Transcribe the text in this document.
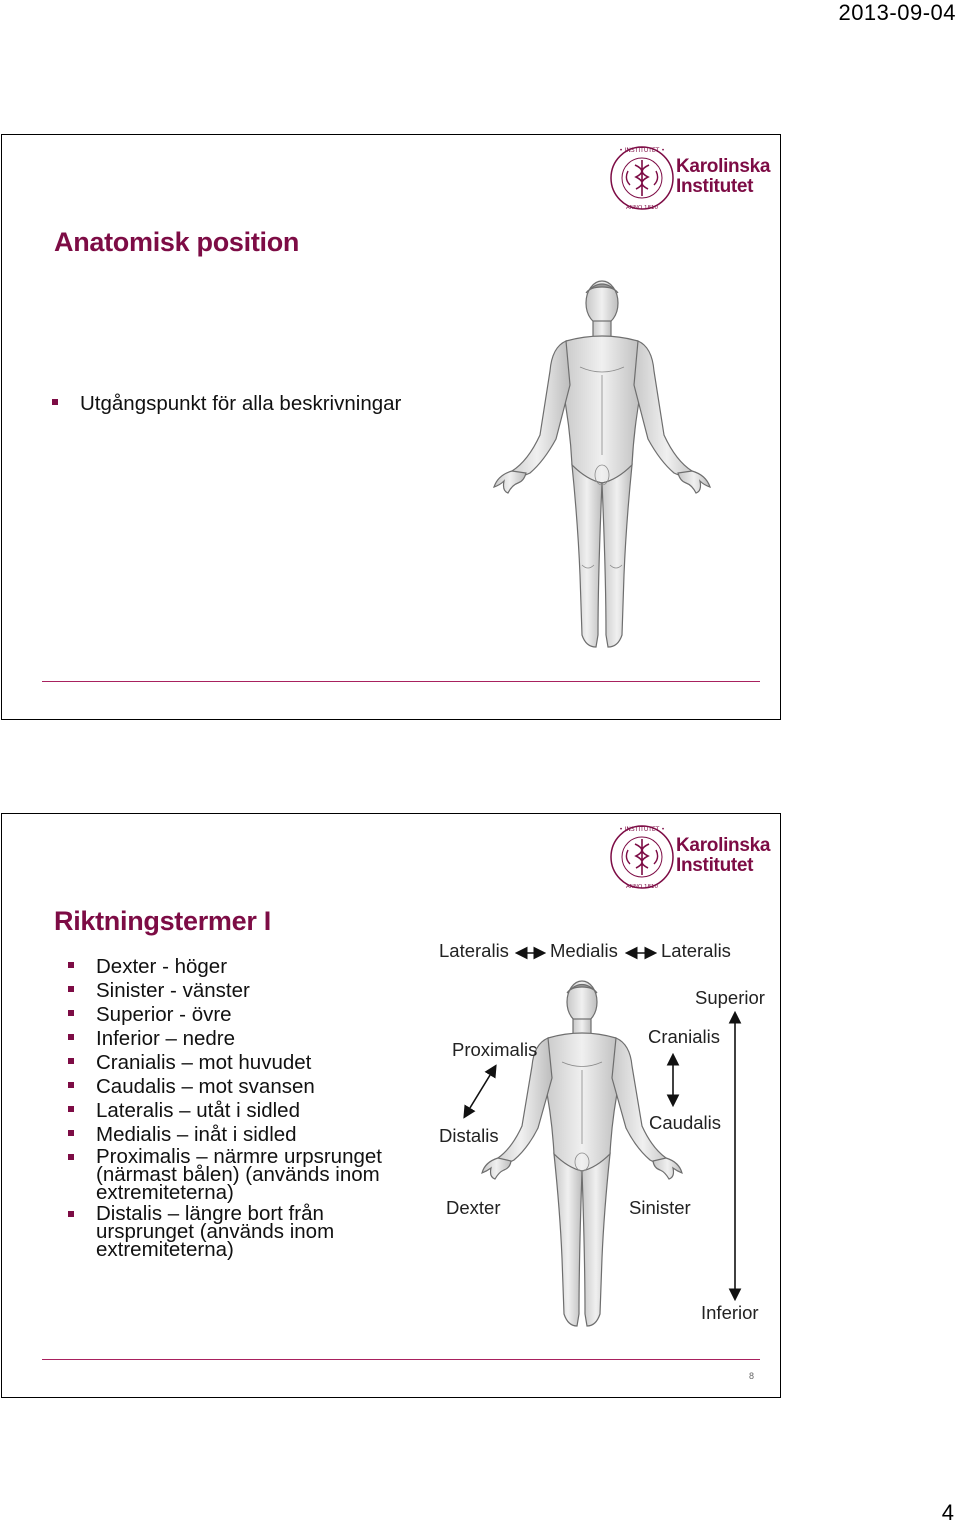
2013-09-04
• INSTITUTET •
ANNO 1810
Karolinska
Institutet
Anatomisk position
Utgångspunkt för alla beskrivningar
• INSTITUTET •
ANNO 1810
Karolinska
Institutet
Riktningstermer I
Dexter - höger
Sinister - vänster
Superior - övre
Inferior – nedre
Cranialis – mot huvudet
Caudalis – mot svansen
Lateralis – utåt i sidled
Medialis – inåt i sidled
Proximalis – närmre urpsrunget (närmast bålen) (används inom extremiteterna)
Distalis – längre bort från ursprunget (används inom extremiteterna)
Lateralis Medialis Lateralis
Superior
Cranialis
Proximalis
Caudalis
Distalis
Dexter	Sinister
Inferior
8
4
